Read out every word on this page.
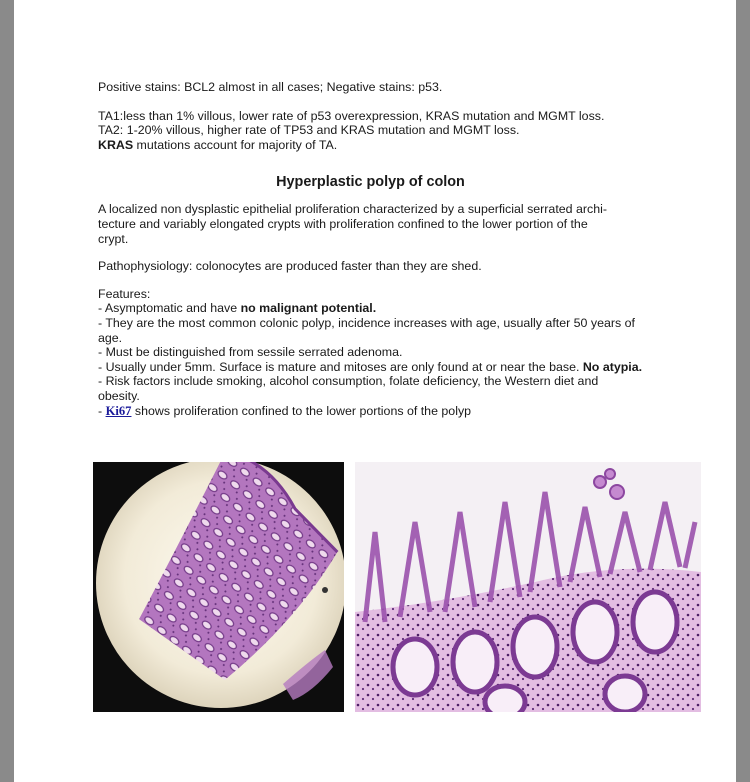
Positive stains: BCL2 almost in all cases; Negative stains: p53.

TA1:less than 1% villous, lower rate of p53 overexpression, KRAS mutation and MGMT loss.

TA2: 1-20% villous, higher rate of TP53 and KRAS mutation and MGMT loss.

KRAS mutations account for majority of TA.

Hyperplastic polyp of colon

A localized non dysplastic epithelial proliferation characterized by a superficial serrated archi-
tecture and variably elongated crypts with proliferation confined to the lower portion of the
crypt.

Pathophysiology: colonocytes are produced faster than they are shed.

Features:

- Asymptomatic and have no malignant potential.

- They are the most common colonic polyp, incidence increases with age, usually after 50 years of age.

- Must be distinguished from sessile serrated adenoma.

- Usually under 5mm. Surface is mature and mitoses are only found at or near the base. No atypia.

- Risk factors include smoking, alcohol consumption, folate deficiency, the Western diet and obesity.

- Ki67 shows proliferation confined to the lower portions of the polyp
